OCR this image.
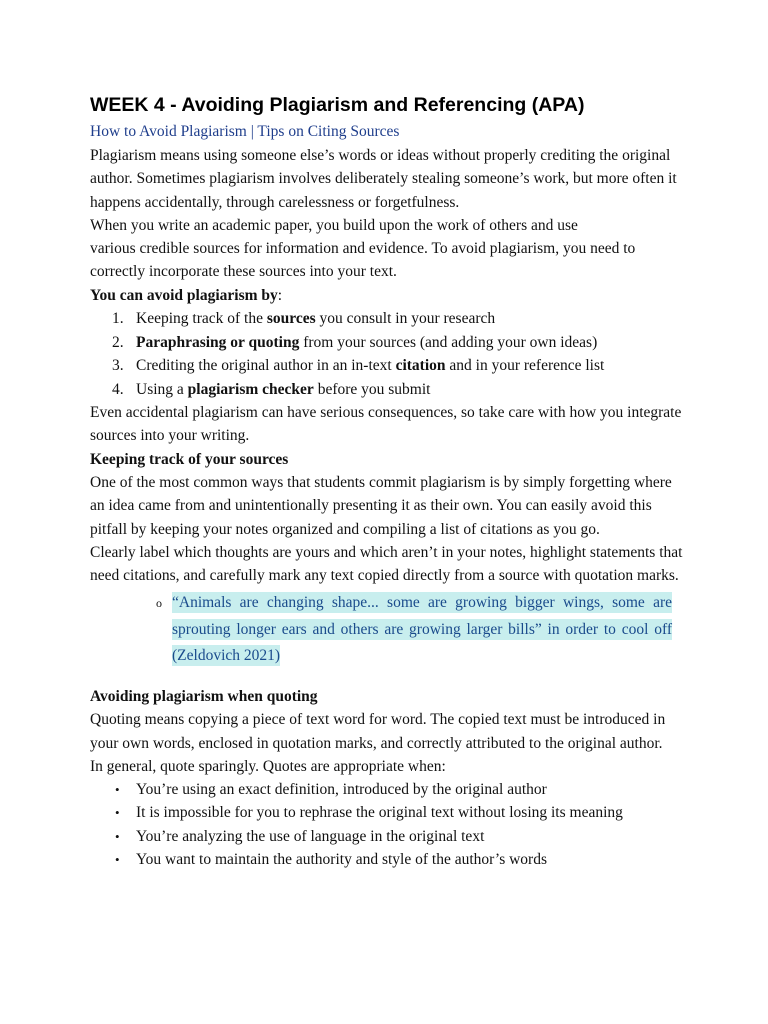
WEEK 4 - Avoiding Plagiarism and Referencing (APA)
How to Avoid Plagiarism | Tips on Citing Sources

Plagiarism means using someone else’s words or ideas without properly crediting the original author. Sometimes plagiarism involves deliberately stealing someone’s work, but more often it happens accidentally, through carelessness or forgetfulness.

When you write an academic paper, you build upon the work of others and use
various credible sources for information and evidence. To avoid plagiarism, you need to correctly incorporate these sources into your text.

You can avoid plagiarism by:

1. Keeping track of the sources you consult in your research
2. Paraphrasing or quoting from your sources (and adding your own ideas)
3. Crediting the original author in an in-text citation and in your reference list
4. Using a plagiarism checker before you submit

Even accidental plagiarism can have serious consequences, so take care with how you integrate sources into your writing.

Keeping track of your sources

One of the most common ways that students commit plagiarism is by simply forgetting where an idea came from and unintentionally presenting it as their own. You can easily avoid this pitfall by keeping your notes organized and compiling a list of citations as you go.

Clearly label which thoughts are yours and which aren’t in your notes, highlight statements that need citations, and carefully mark any text copied directly from a source with quotation marks.

o “Animals are changing shape... some are growing bigger wings, some are sprouting longer ears and others are growing larger bills” in order to cool off (Zeldovich 2021)

Avoiding plagiarism when quoting

Quoting means copying a piece of text word for word. The copied text must be introduced in your own words, enclosed in quotation marks, and correctly attributed to the original author.

In general, quote sparingly. Quotes are appropriate when:

• You’re using an exact definition, introduced by the original author
• It is impossible for you to rephrase the original text without losing its meaning
• You’re analyzing the use of language in the original text
• You want to maintain the authority and style of the author’s words
